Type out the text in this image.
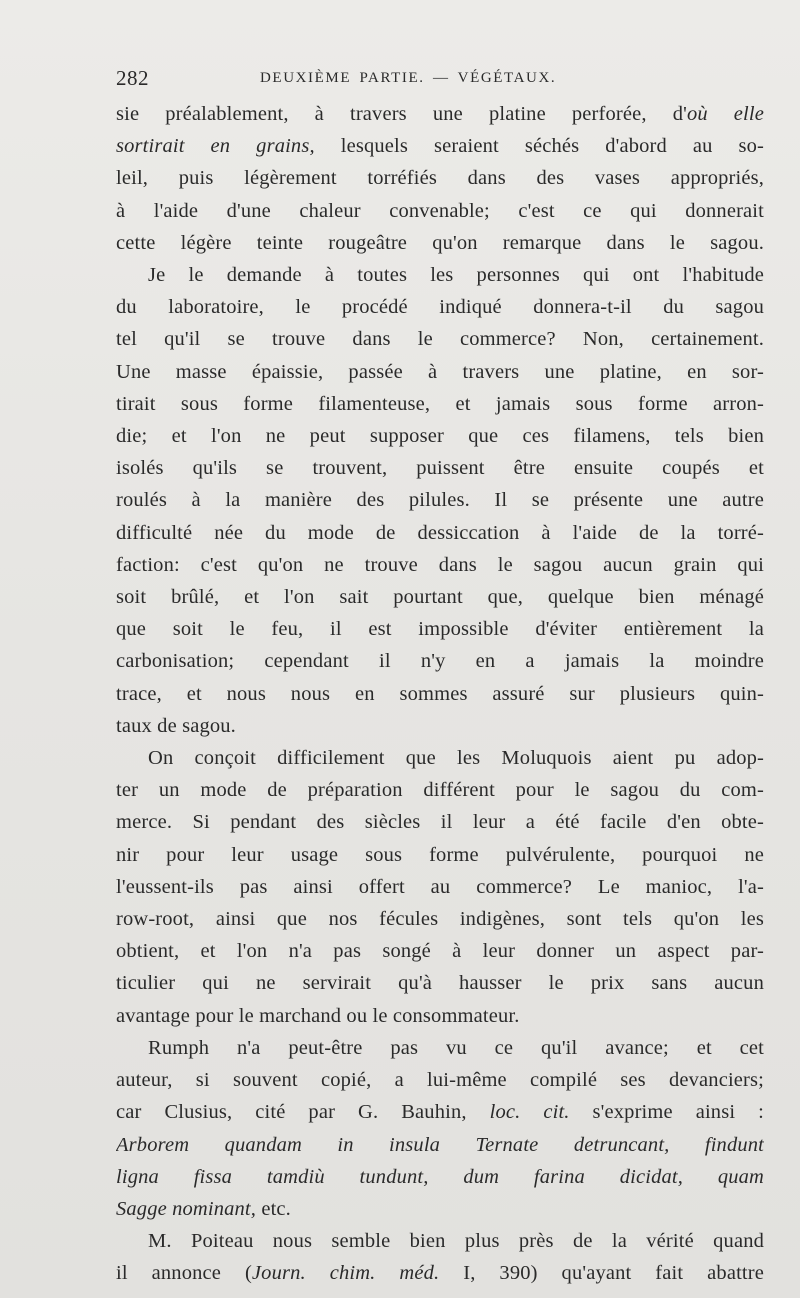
282	DEUXIÈME PARTIE. — VÉGÉTAUX.
sie préalablement, à travers une platine perforée, d'où elle
sortirait en grains, lesquels seraient séchés d'abord au so-
leil, puis légèrement torréfiés dans des vases appropriés,
à l'aide d'une chaleur convenable; c'est ce qui donnerait
cette légère teinte rougeâtre qu'on remarque dans le sagou.
Je le demande à toutes les personnes qui ont l'habitude
du laboratoire, le procédé indiqué donnera-t-il du sagou
tel qu'il se trouve dans le commerce? Non, certainement.
Une masse épaissie, passée à travers une platine, en sor-
tirait sous forme filamenteuse, et jamais sous forme arron-
die; et l'on ne peut supposer que ces filamens, tels bien
isolés qu'ils se trouvent, puissent être ensuite coupés et
roulés à la manière des pilules. Il se présente une autre
difficulté née du mode de dessiccation à l'aide de la torré-
faction: c'est qu'on ne trouve dans le sagou aucun grain qui
soit brûlé, et l'on sait pourtant que, quelque bien ménagé
que soit le feu, il est impossible d'éviter entièrement la
carbonisation; cependant il n'y en a jamais la moindre
trace, et nous nous en sommes assuré sur plusieurs quin-
taux de sagou.
On conçoit difficilement que les Moluquois aient pu adop-
ter un mode de préparation différent pour le sagou du com-
merce. Si pendant des siècles il leur a été facile d'en obte-
nir pour leur usage sous forme pulvérulente, pourquoi ne
l'eussent-ils pas ainsi offert au commerce? Le manioc, l'a-
row-root, ainsi que nos fécules indigènes, sont tels qu'on les
obtient, et l'on n'a pas songé à leur donner un aspect par-
ticulier qui ne servirait qu'à hausser le prix sans aucun
avantage pour le marchand ou le consommateur.
Rumph n'a peut-être pas vu ce qu'il avance; et cet
auteur, si souvent copié, a lui-même compilé ses devanciers;
car Clusius, cité par G. Bauhin, loc. cit. s'exprime ainsi :
Arborem quandam in insula Ternate detruncant, findunt
ligna fissa tamdiù tundunt, dum farina dicidat, quam
Sagge nominant, etc.
M. Poiteau nous semble bien plus près de la vérité quand
il annonce (Journ. chim. méd. I, 390) qu'ayant fait abattre
